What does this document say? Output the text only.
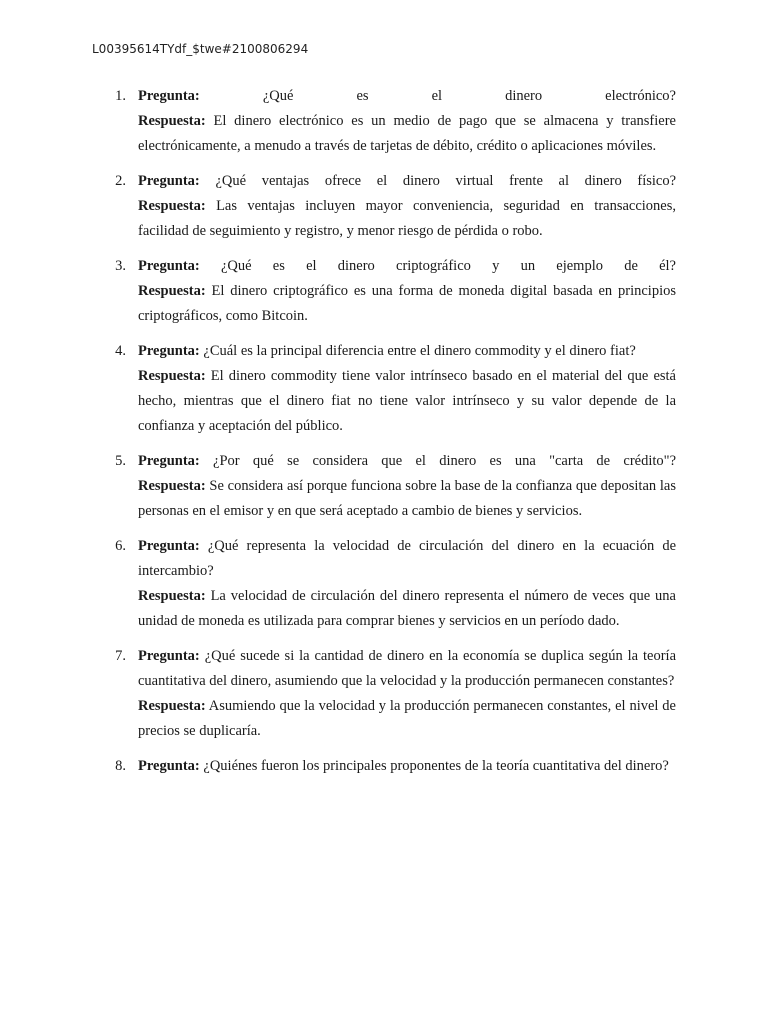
L00395614TYdf_$twe#2100806294
1. Pregunta:	¿Qué es el dinero electrónico?

Respuesta: El dinero electrónico es un medio de pago que se almacena y transfiere electrónicamente, a menudo a través de tarjetas de débito, crédito o aplicaciones móviles.

2. Pregunta: ¿Qué ventajas ofrece el dinero virtual frente al dinero físico?

Respuesta: Las ventajas incluyen mayor conveniencia, seguridad en transacciones, facilidad de seguimiento y registro, y menor riesgo de pérdida o robo.

3. Pregunta: ¿Qué es el dinero criptográfico y un ejemplo de él?

Respuesta: El dinero criptográfico es una forma de moneda digital basada en principios criptográficos, como Bitcoin.

4. Pregunta: ¿Cuál es la principal diferencia entre el dinero commodity y el dinero fiat?

Respuesta: El dinero commodity tiene valor intrínseco basado en el material del que está hecho, mientras que el dinero fiat no tiene valor intrínseco y su valor depende de la confianza y aceptación del público.

5. Pregunta: ¿Por qué se considera que el dinero es una "carta de crédito"?

Respuesta: Se considera así porque funciona sobre la base de la confianza que depositan las personas en el emisor y en que será aceptado a cambio de bienes y servicios.

6. Pregunta: ¿Qué representa la velocidad de circulación del dinero en la ecuación de intercambio?

Respuesta: La velocidad de circulación del dinero representa el número de veces que una unidad de moneda es utilizada para comprar bienes y servicios en un período dado.

7. Pregunta: ¿Qué sucede si la cantidad de dinero en la economía se duplica según la teoría cuantitativa del dinero, asumiendo que la velocidad y la producción permanecen constantes?

Respuesta: Asumiendo que la velocidad y la producción permanecen constantes, el nivel de precios se duplicaría.

8. Pregunta: ¿Quiénes fueron los principales proponentes de la teoría cuantitativa del dinero?
